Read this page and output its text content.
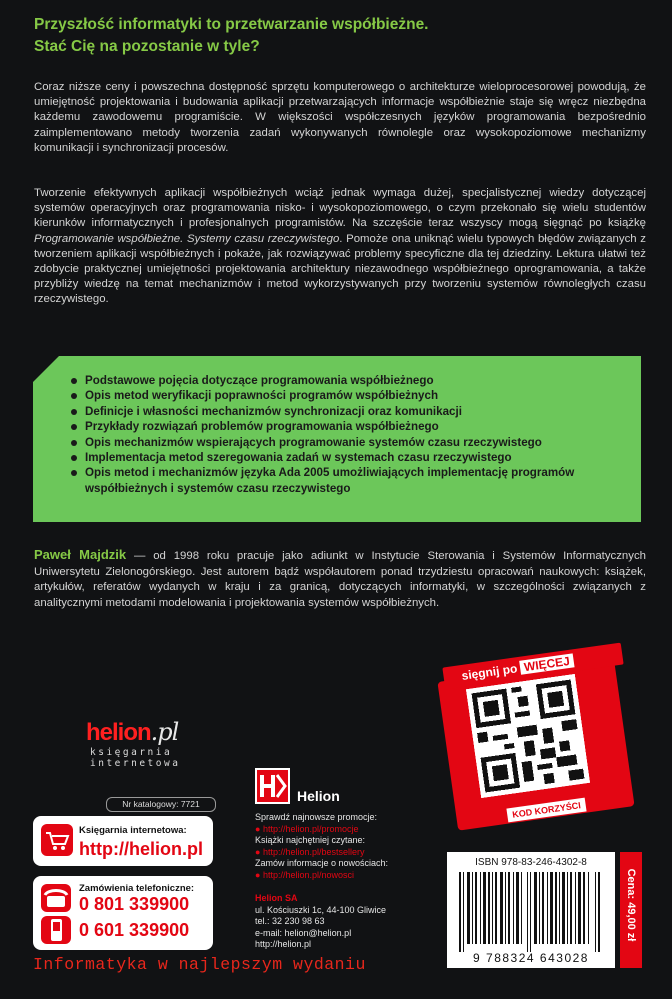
Przyszłość informatyki to przetwarzanie współbieżne.
Stać Cię na pozostanie w tyle?
Coraz niższe ceny i powszechna dostępność sprzętu komputerowego o architekturze wieloprocesorowej powodują, że umiejętność projektowania i budowania aplikacji przetwarzających informacje współbieżnie staje się wręcz niezbędna każdemu zawodowemu programiście. W większości współczesnych języków programowania bezpośrednio zaimplementowano metody tworzenia zadań wykonywanych równolegle oraz wysokopoziomowe mechanizmy komunikacji i synchronizacji procesów.
Tworzenie efektywnych aplikacji współbieżnych wciąż jednak wymaga dużej, specjalistycznej wiedzy dotyczącej systemów operacyjnych oraz programowania nisko- i wysokopoziomowego, o czym przekonało się wielu studentów kierunków informatycznych i profesjonalnych programistów. Na szczęście teraz wszyscy mogą sięgnąć po książkę Programowanie współbieżne. Systemy czasu rzeczywistego. Pomoże ona uniknąć wielu typowych błędów związanych z tworzeniem aplikacji współbieżnych i pokaże, jak rozwiązywać problemy specyficzne dla tej dziedziny. Lektura ułatwi też zdobycie praktycznej umiejętności projektowania architektury niezawodnego współbieżnego oprogramowania, a także przybliży wiedzę na temat mechanizmów i metod wykorzystywanych przy tworzeniu systemów równoległych czasu rzeczywistego.
Podstawowe pojęcia dotyczące programowania współbieżnego
Opis metod weryfikacji poprawności programów współbieżnych
Definicje i własności mechanizmów synchronizacji oraz komunikacji
Przykłady rozwiązań problemów programowania współbieżnego
Opis mechanizmów wspierających programowanie systemów czasu rzeczywistego
Implementacja metod szeregowania zadań w systemach czasu rzeczywistego
Opis metod i mechanizmów języka Ada 2005 umożliwiających implementację programów współbieżnych i systemów czasu rzeczywistego
Paweł Majdzik — od 1998 roku pracuje jako adiunkt w Instytucie Sterowania i Systemów Informatycznych Uniwersytetu Zielonogórskiego. Jest autorem bądź współautorem ponad trzydziestu opracowań naukowych: książek, artykułów, referatów wydanych w kraju i za granicą, dotyczących informatyki, w szczególności związanych z analitycznymi metodami modelowania i projektowania systemów współbieżnych.
helion.pl
księgarnia
internetowa
Nr katalogowy: 7721
Księgarnia internetowa:
http://helion.pl
Zamówienia telefoniczne:
0 801 339900
0 601 339900
Informatyka w najlepszym wydaniu
Helion
Sprawdź najnowsze promocje:
● http://helion.pl/promocje
Książki najchętniej czytane:
● http://helion.pl/bestsellery
Zamów informacje o nowościach:
● http://helion.pl/nowosci
Helion SA
ul. Kościuszki 1c, 44-100 Gliwice
tel.: 32 230 98 63
e-mail: helion@helion.pl
http://helion.pl
sięgnij po WIĘCEJ
KOD KORZYŚCI
ISBN 978-83-246-4302-8
9 788324 643028
Cena: 49,00 zł
